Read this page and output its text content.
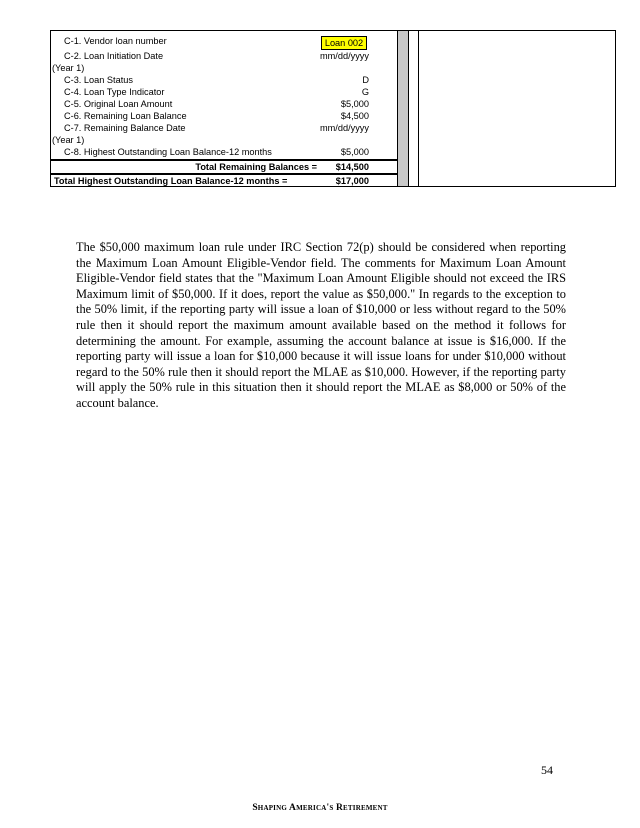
C-1. Vendor loan number	Loan 002
C-2. Loan Initiation Date	mm/dd/yyyy
(Year 1)
C-3. Loan Status	D
C-4. Loan Type Indicator	G
C-5. Original Loan Amount	$5,000
C-6. Remaining Loan Balance	$4,500
C-7. Remaining Balance Date	mm/dd/yyyy
(Year 1)
C-8. Highest Outstanding Loan Balance-12 months	$5,000
Total Remaining Balances = $14,500
Total Highest Outstanding Loan Balance-12 months =	$17,000
The $50,000 maximum loan rule under IRC Section 72(p) should be considered when reporting the Maximum Loan Amount Eligible-Vendor field. The comments for Maximum Loan Amount Eligible-Vendor field states that the "Maximum Loan Amount Eligible should not exceed the IRS Maximum limit of $50,000. If it does, report the value as $50,000." In regards to the exception to the 50% limit, if the reporting party will issue a loan of $10,000 or less without regard to the 50% rule then it should report the maximum amount available based on the method it follows for determining the amount. For example, assuming the account balance at issue is $16,000. If the reporting party will issue a loan for $10,000 because it will issue loans for under $10,000 without regard to the 50% rule then it should report the MLAE as $10,000. However, if the reporting party will apply the 50% rule in this situation then it should report the MLAE as $8,000 or 50% of the account balance.
54
Shaping America's Retirement
